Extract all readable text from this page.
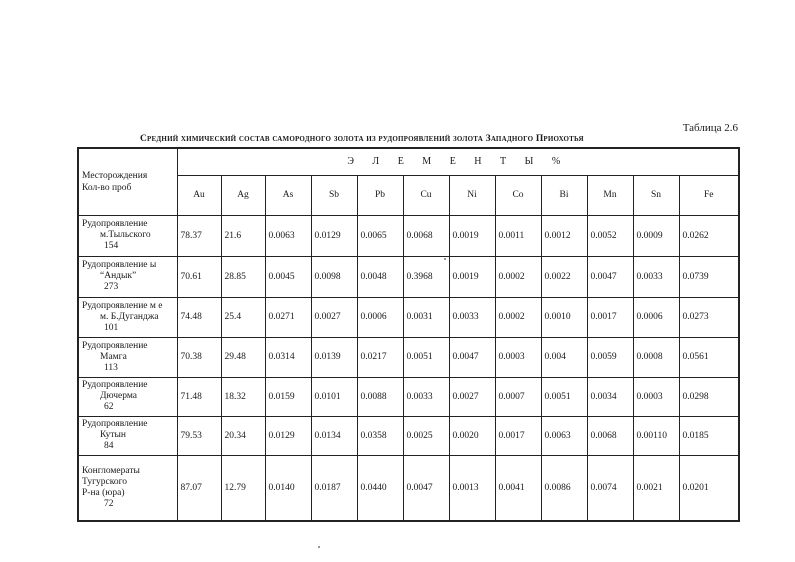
Таблица 2.6
Средний химический состав самородного золота из рудопроявлений золота Западного Приохотья
Месторождения
Кол-во проб	Э Л Е М Е Н Т Ы %											
	Au	Ag	As	Sb	Pb	Cu	Ni	Co	Bi	Mn	Sn	Fe

Рудопроявление
м.Тыльского
154	78.37	21.6	0.0063	0.0129	0.0065	0.0068	0.0019	0.0011	0.0012	0.0052	0.0009	0.0262

Рудопроявление ы
“Андык”
273	70.61	28.85	0.0045	0.0098	0.0048	0.3968	0.0019	0.0002	0.0022	0.0047	0.0033	0.0739

Рудопроявление м е
м. Б.Дуганджа
101	74.48	25.4	0.0271	0.0027	0.0006	0.0031	0.0033	0.0002	0.0010	0.0017	0.0006	0.0273

Рудопроявление
Мамга
113	70.38	29.48	0.0314	0.0139	0.0217	0.0051	0.0047	0.0003	0.004	0.0059	0.0008	0.0561

Рудопроявление
Дючерма
62	71.48	18.32	0.0159	0.0101	0.0088	0.0033	0.0027	0.0007	0.0051	0.0034	0.0003	0.0298

Рудопроявление
Кутын
84	79.53	20.34	0.0129	0.0134	0.0358	0.0025	0.0020	0.0017	0.0063	0.0068	0.00110	0.0185

Конгломераты
Тугурского
Р-на (юра)
72	87.07	12.79	0.0140	0.0187	0.0440	0.0047	0.0013	0.0041	0.0086	0.0074	0.0021	0.0201
